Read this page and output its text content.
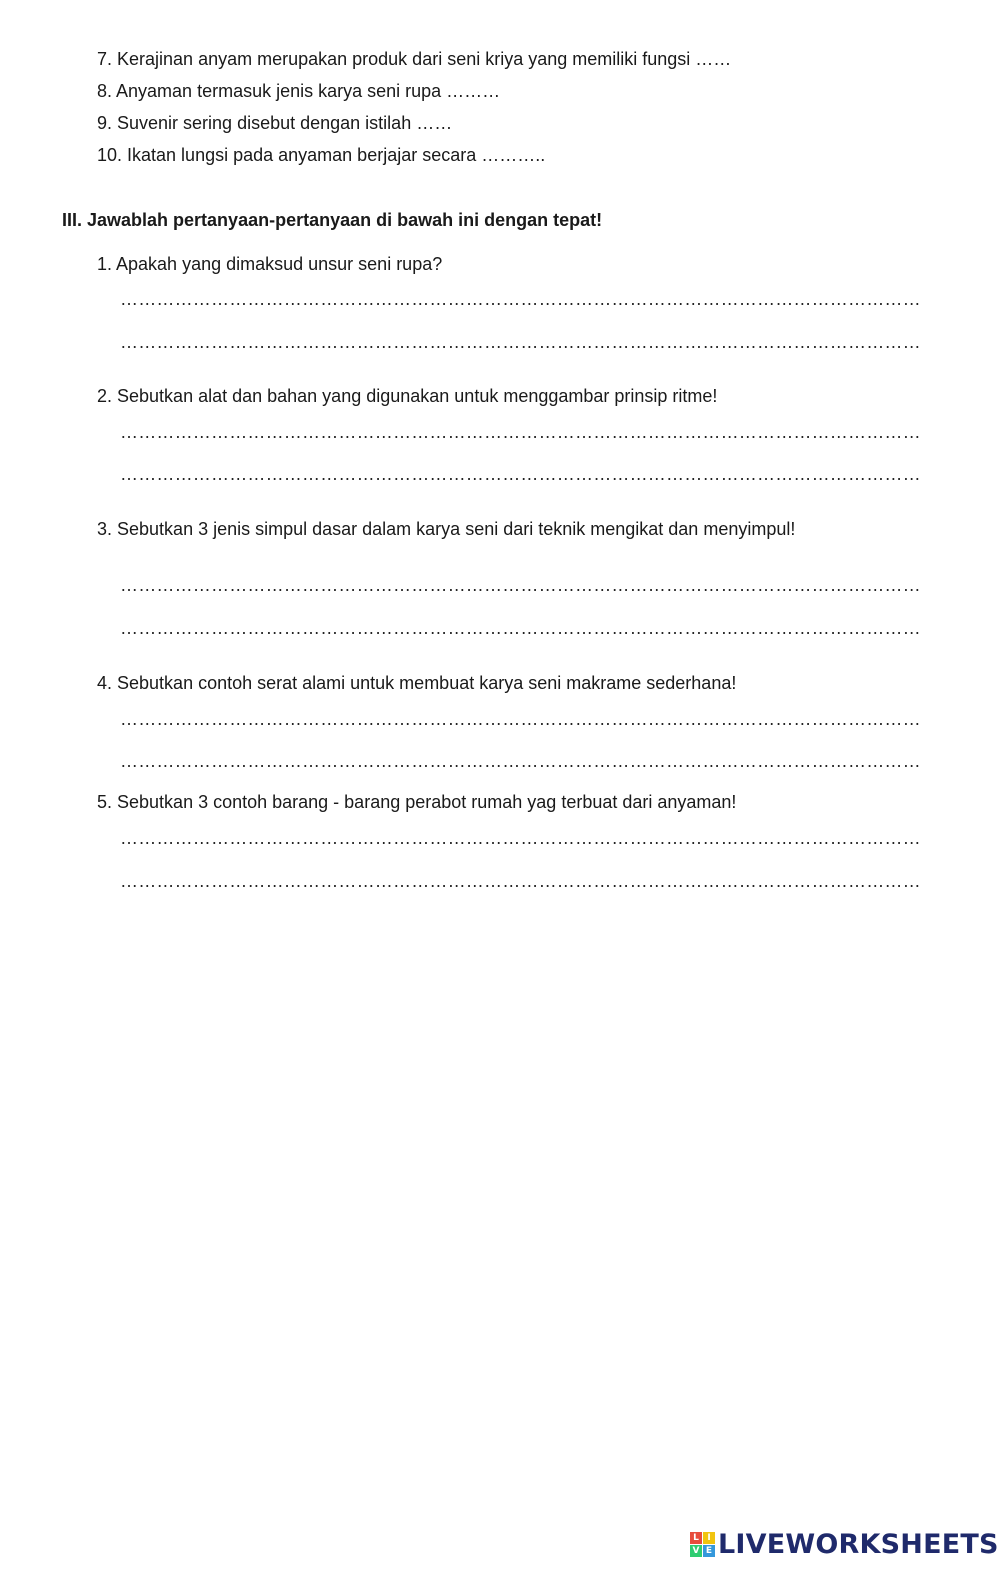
7. Kerajinan anyam merupakan produk dari seni kriya yang memiliki fungsi ……
8. Anyaman termasuk jenis karya seni rupa ………
9. Suvenir sering disebut dengan istilah ……
10. Ikatan lungsi pada anyaman berjajar secara ………..
III. Jawablah pertanyaan-pertanyaan di bawah ini dengan tepat!
1. Apakah yang dimaksud unsur seni rupa?
……………………………………………………………………………………………………………………
……………………………………………………………………………………………………………………
2. Sebutkan alat dan bahan yang digunakan untuk menggambar prinsip ritme!
……………………………………………………………………………………………………………………
……………………………………………………………………………………………………………………
3. Sebutkan 3 jenis simpul dasar dalam karya seni dari teknik mengikat dan menyimpul!
……………………………………………………………………………………………………………………
……………………………………………………………………………………………………………………
4. Sebutkan contoh serat alami untuk membuat karya seni makrame sederhana!
……………………………………………………………………………………………………………………
……………………………………………………………………………………………………………………
5. Sebutkan 3 contoh barang - barang perabot rumah yag terbuat dari anyaman!
……………………………………………………………………………………………………………………
……………………………………………………………………………………………………………………
L I
V E LIVEWORKSHEETS
